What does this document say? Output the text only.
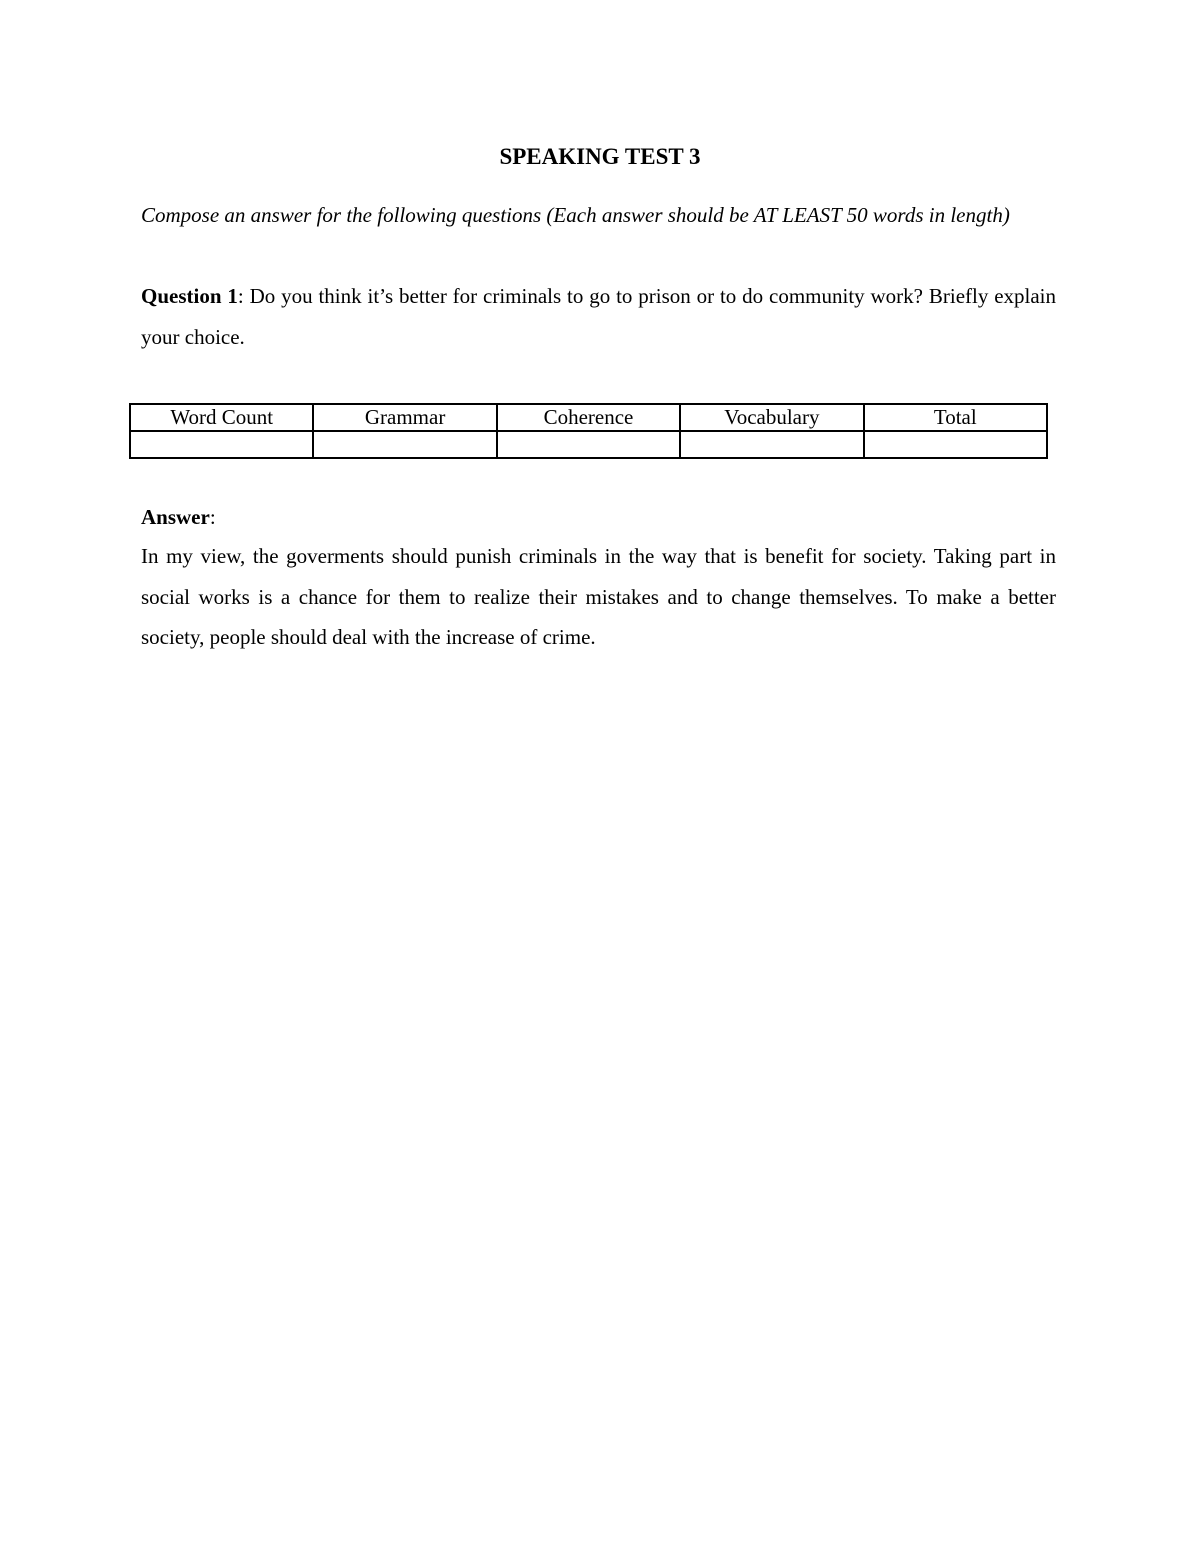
SPEAKING TEST 3
Compose an answer for the following questions (Each answer should be AT LEAST 50 words in length)
Question 1: Do you think it’s better for criminals to go to prison or to do community work? Briefly explain your choice.
Word Count	Grammar	Coherence	Vocabulary	Total

Answer:
In my view, the goverments should punish criminals in the way that is benefit for society. Taking part in social works is a chance for them to realize their mistakes and to change themselves. To make a better society, people should deal with the increase of crime.
